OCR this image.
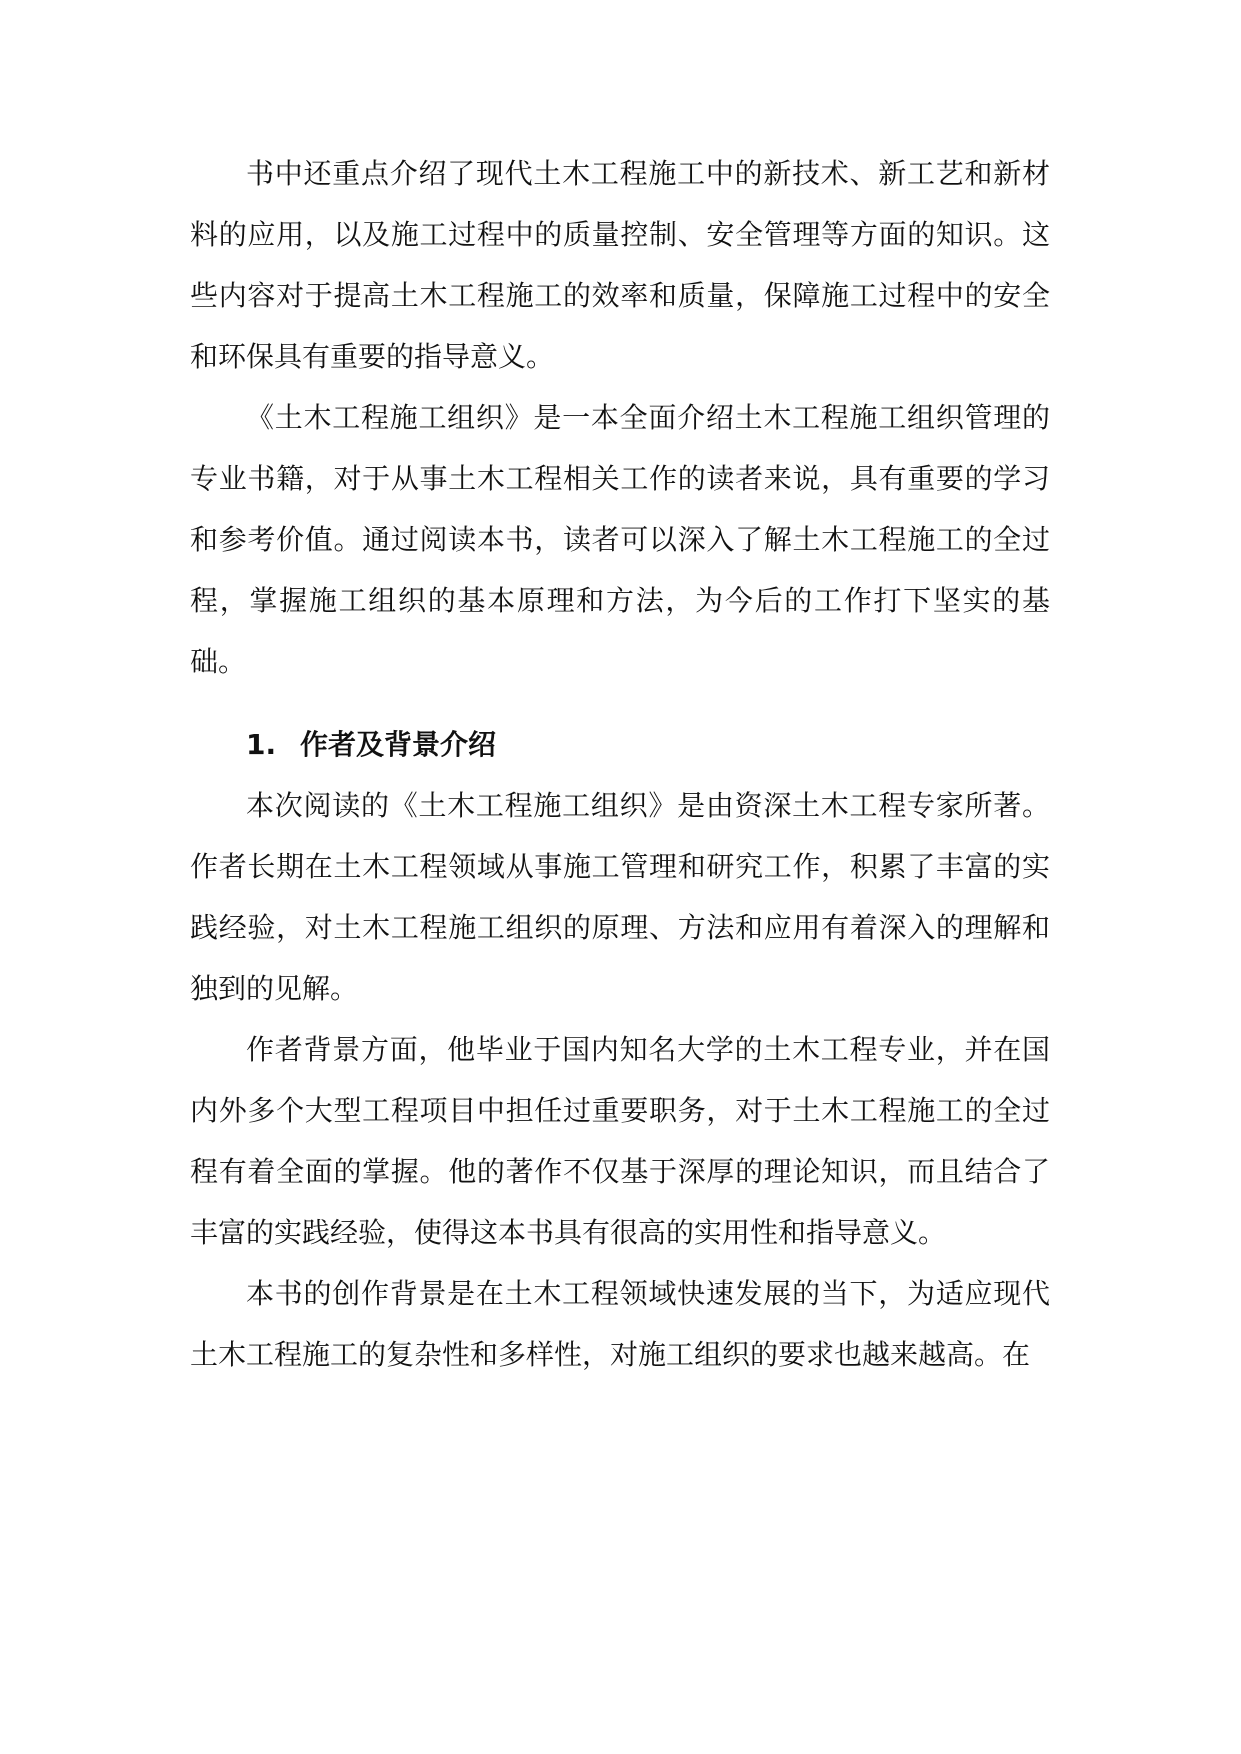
书中还重点介绍了现代土木工程施工中的新技术、新工艺和新材料的应用，以及施工过程中的质量控制、安全管理等方面的知识。这些内容对于提高土木工程施工的效率和质量，保障施工过程中的安全和环保具有重要的指导意义。

《土木工程施工组织》是一本全面介绍土木工程施工组织管理的专业书籍，对于从事土木工程相关工作的读者来说，具有重要的学习和参考价值。通过阅读本书，读者可以深入了解土木工程施工的全过程，掌握施工组织的基本原理和方法，为今后的工作打下坚实的基础。

1. 作者及背景介绍

本次阅读的《土木工程施工组织》是由资深土木工程专家所著。作者长期在土木工程领域从事施工管理和研究工作，积累了丰富的实践经验，对土木工程施工组织的原理、方法和应用有着深入的理解和独到的见解。

作者背景方面，他毕业于国内知名大学的土木工程专业，并在国内外多个大型工程项目中担任过重要职务，对于土木工程施工的全过程有着全面的掌握。他的著作不仅基于深厚的理论知识，而且结合了丰富的实践经验，使得这本书具有很高的实用性和指导意义。

本书的创作背景是在土木工程领域快速发展的当下，为适应现代土木工程施工的复杂性和多样性，对施工组织的要求也越来越高。在
